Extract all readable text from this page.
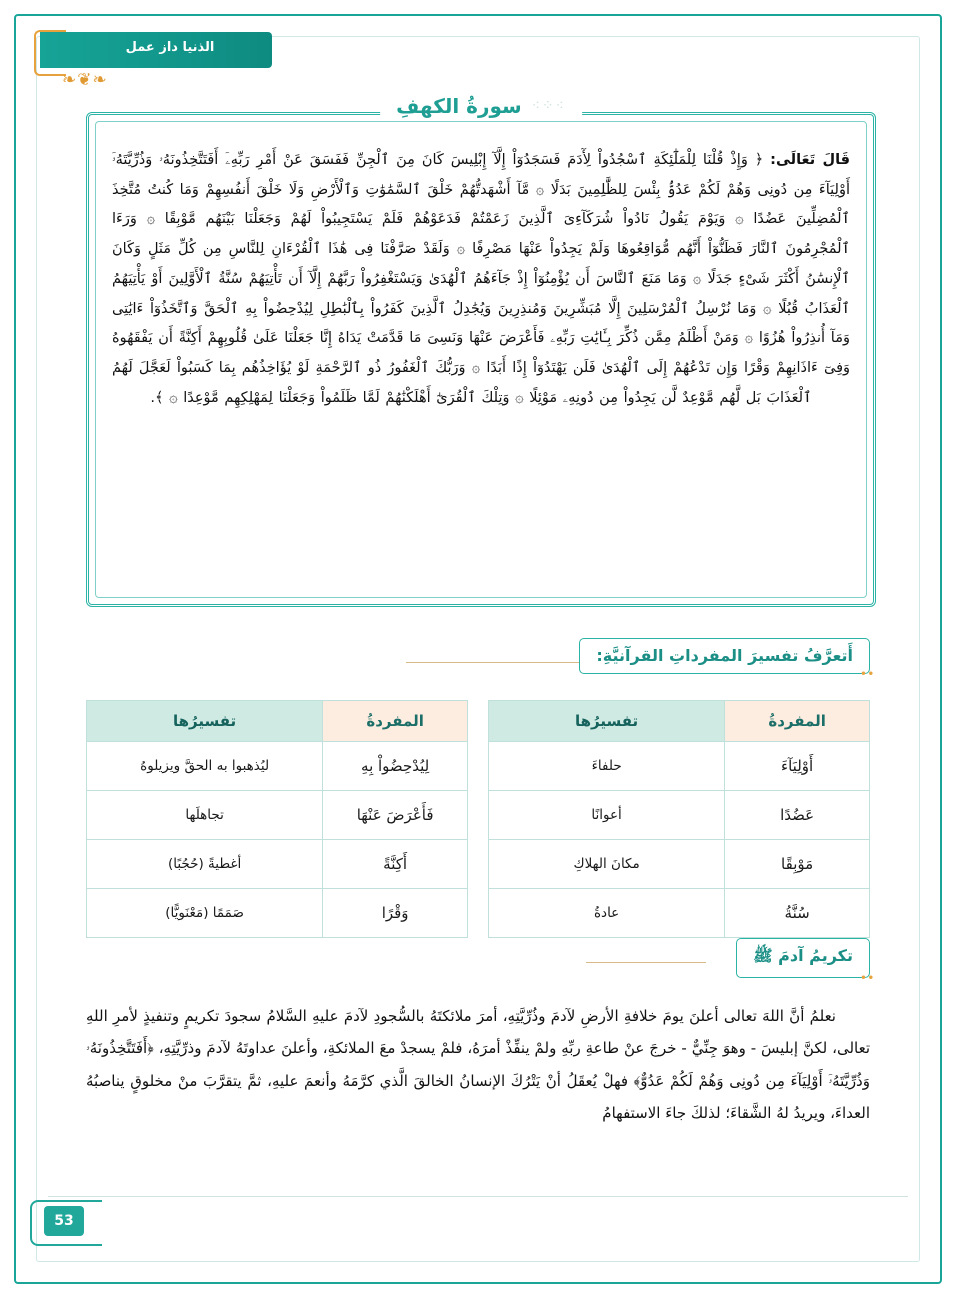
الذنيا داز عمل
❧❦❧
⁖⁘⁖
سورةُ الكهفِ
قَالَ تَعَالَى: ﴿ وَإِذْ قُلْنَا لِلْمَلَٰٓئِكَةِ ٱسْجُدُواْ لِأٓدَمَ فَسَجَدُوٓاْ إِلَّآ إِبْلِيسَ كَانَ مِنَ ٱلْجِنِّ فَفَسَقَ عَنْ أَمْرِ رَبِّهِۦٓ أَفَتَتَّخِذُونَهُۥ وَذُرِّيَّتَهُۥٓ أَوْلِيَآءَ مِن دُونِى وَهُمْ لَكُمْ عَدُوُّۢ بِئْسَ لِلظَّٰلِمِينَ بَدَلًا ۞ مَّآ أَشْهَدتُّهُمْ خَلْقَ ٱلسَّمَٰوَٰتِ وَٱلْأَرْضِ وَلَا خَلْقَ أَنفُسِهِمْ وَمَا كُنتُ مُتَّخِذَ ٱلْمُضِلِّينَ عَضُدًا ۞ وَيَوْمَ يَقُولُ نَادُواْ شُرَكَآءِىَ ٱلَّذِينَ زَعَمْتُمْ فَدَعَوْهُمْ فَلَمْ يَسْتَجِيبُواْ لَهُمْ وَجَعَلْنَا بَيْنَهُم مَّوْبِقًا ۞ وَرَءَا ٱلْمُجْرِمُونَ ٱلنَّارَ فَظَنُّوٓاْ أَنَّهُم مُّوَاقِعُوهَا وَلَمْ يَجِدُواْ عَنْهَا مَصْرِفًا ۞ وَلَقَدْ صَرَّفْنَا فِى هَٰذَا ٱلْقُرْءَانِ لِلنَّاسِ مِن كُلِّ مَثَلٍ وَكَانَ ٱلْإِنسَٰنُ أَكْثَرَ شَىْءٍ جَدَلًا ۞ وَمَا مَنَعَ ٱلنَّاسَ أَن يُؤْمِنُوٓاْ إِذْ جَآءَهُمُ ٱلْهُدَىٰ وَيَسْتَغْفِرُواْ رَبَّهُمْ إِلَّآ أَن تَأْتِيَهُمْ سُنَّةُ ٱلْأَوَّلِينَ أَوْ يَأْتِيَهُمُ ٱلْعَذَابُ قُبُلًا ۞ وَمَا نُرْسِلُ ٱلْمُرْسَلِينَ إِلَّا مُبَشِّرِينَ وَمُنذِرِينَ وَيُجَٰدِلُ ٱلَّذِينَ كَفَرُواْ بِٱلْبَٰطِلِ لِيُدْحِضُواْ بِهِ ٱلْحَقَّ وَٱتَّخَذُوٓاْ ءَايَٰتِى وَمَآ أُنذِرُواْ هُزُوًا ۞ وَمَنْ أَظْلَمُ مِمَّن ذُكِّرَ بِـَٔايَٰتِ رَبِّهِۦ فَأَعْرَضَ عَنْهَا وَنَسِىَ مَا قَدَّمَتْ يَدَاهُ إِنَّا جَعَلْنَا عَلَىٰ قُلُوبِهِمْ أَكِنَّةً أَن يَفْقَهُوهُ وَفِىٓ ءَاذَانِهِمْ وَقْرًا وَإِن تَدْعُهُمْ إِلَى ٱلْهُدَىٰ فَلَن يَهْتَدُوٓاْ إِذًا أَبَدًا ۞ وَرَبُّكَ ٱلْغَفُورُ ذُو ٱلرَّحْمَةِ لَوْ يُؤَاخِذُهُم بِمَا كَسَبُواْ لَعَجَّلَ لَهُمُ ٱلْعَذَابَ بَل لَّهُم مَّوْعِدٌ لَّن يَجِدُواْ مِن دُونِهِۦ مَوْئِلًا ۞ وَتِلْكَ ٱلْقُرَىٰٓ أَهْلَكْنَٰهُمْ لَمَّا ظَلَمُواْ وَجَعَلْنَا لِمَهْلِكِهِم مَّوْعِدًا ۞ ﴾.
أَتعرَّفُ تفسيرَ المفرداتِ القرآنيَّةِ:
••
المفردةُ	تفسيرُها
أَوْلِيَآءَ	حلفاءَ
عَضُدًا	أعوانًا
مَوْبِقًا	مكانَ الهلاكِ
سُنَّةُ	عادةُ
المفردةُ	تفسيرُها
لِيُدْحِضُواْ بِهِ	ليُذهبوا به الحقَّ ويزيلوهُ
فَأَعْرَضَ عَنْهَا	تجاهلَها
أَكِنَّةً	أغطيةً (حُجُبًا)
وَقْرًا	صَمَمًا (مَعْنَويًّا)
تكريمُ آدمَ ﷺ
••
نعلمُ أنَّ اللهَ تعالى أعلنَ يومَ خلافةِ الأرضِ لآدمَ وذُرِّيَّتِهِ، أمرَ ملائكتَهُ بالسُّجودِ لآدمَ عليهِ السَّلامُ سجودَ تكريمٍ وتنفيذٍ لأمرِ اللهِ تعالى، لكنَّ إبليسَ - وهوَ جِنِّيٌّ - خرجَ عنْ طاعةِ ربِّهِ ولمْ ينفِّذْ أمرَهُ، فلمْ يسجدْ معَ الملائكةِ، وأعلنَ عداوتَهُ لآدمَ وذرِّيَّتِهِ، ﴿أَفَتَتَّخِذُونَهُۥ وَذُرِّيَّتَهُۥٓ أَوْلِيَآءَ مِن دُونِى وَهُمْ لَكُمْ عَدُوٌّ﴾ فهلْ يُعقَلُ أنْ يَتْرُكَ الإنسانُ الخالقَ الَّذي كرَّمَهُ وأنعمَ عليهِ، ثمَّ يتقرَّبَ منْ مخلوقٍ يناصبُهُ العداءَ، ويريدُ لهُ الشَّقاءَ؛ لذلكَ جاءَ الاستفهامُ
53
